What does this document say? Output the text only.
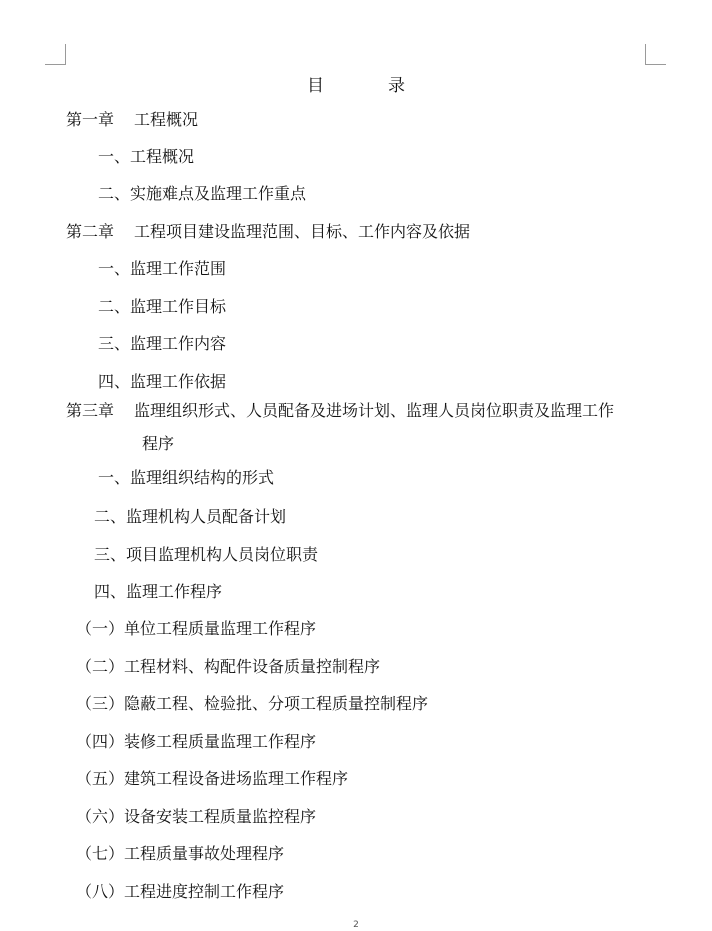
目	录
第一章 工程概况
一、工程概况
二、实施难点及监理工作重点
第二章 工程项目建设监理范围、目标、工作内容及依据
一、监理工作范围
二、监理工作目标
三、监理工作内容
四、监理工作依据
第三章 监理组织形式、人员配备及进场计划、监理人员岗位职责及监理工作
程序
一、监理组织结构的形式
二、监理机构人员配备计划
三、项目监理机构人员岗位职责
四、监理工作程序
（一）单位工程质量监理工作程序
（二）工程材料、构配件设备质量控制程序
（三）隐蔽工程、检验批、分项工程质量控制程序
（四）装修工程质量监理工作程序
（五）建筑工程设备进场监理工作程序
（六）设备安装工程质量监控程序
（七）工程质量事故处理程序
（八）工程进度控制工作程序
2
